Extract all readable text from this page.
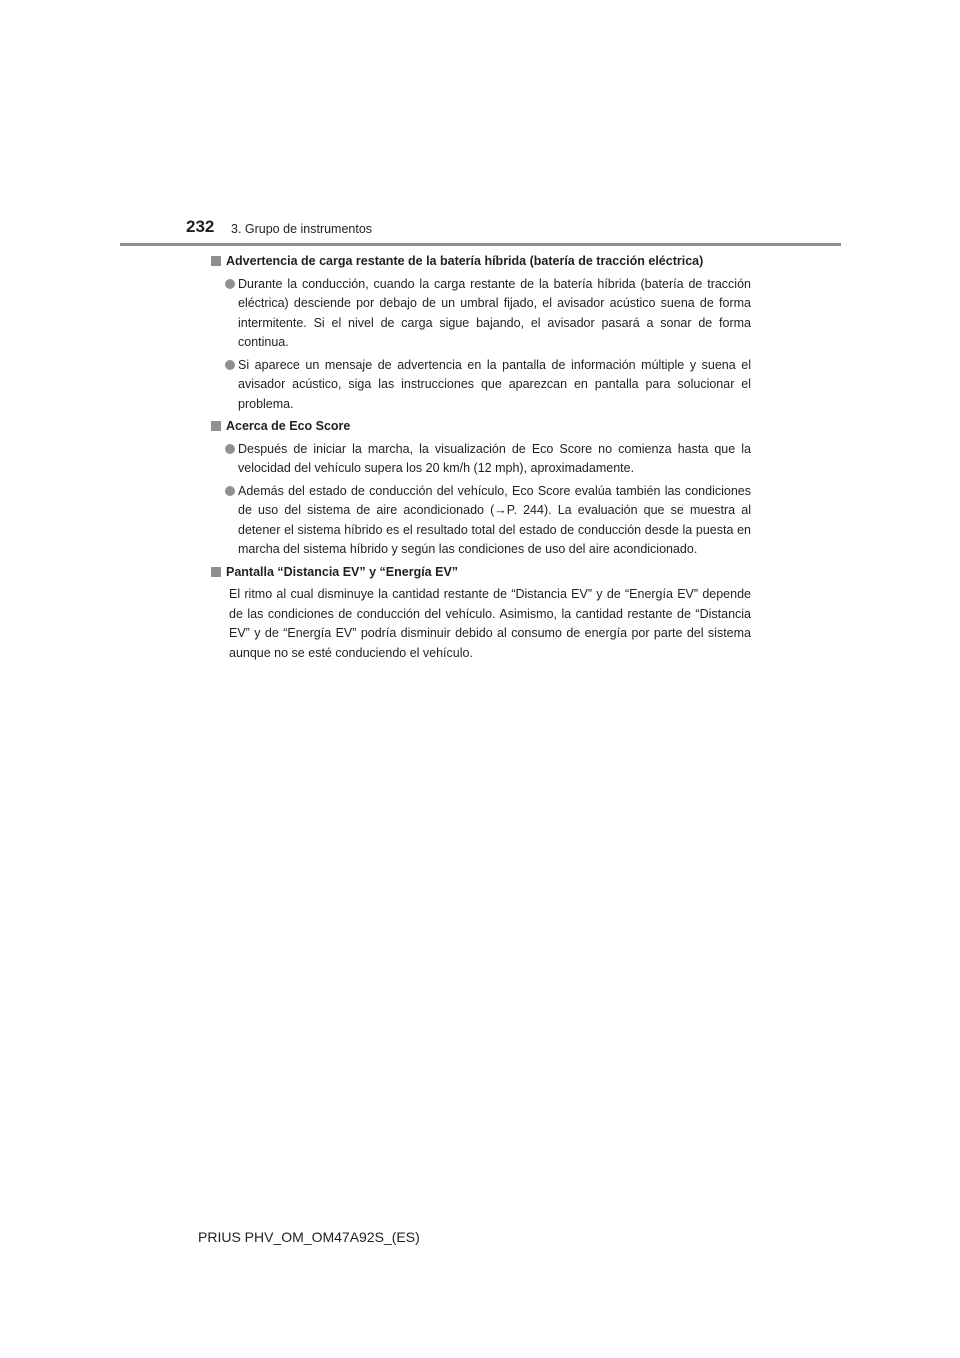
232 3. Grupo de instrumentos
Advertencia de carga restante de la batería híbrida (batería de tracción eléctrica)
Durante la conducción, cuando la carga restante de la batería híbrida (batería de tracción eléctrica) desciende por debajo de un umbral fijado, el avisador acústico suena de forma intermitente. Si el nivel de carga sigue bajando, el avisador pasará a sonar de forma continua.
Si aparece un mensaje de advertencia en la pantalla de información múltiple y suena el avisador acústico, siga las instrucciones que aparezcan en pantalla para solucionar el problema.
Acerca de Eco Score
Después de iniciar la marcha, la visualización de Eco Score no comienza hasta que la velocidad del vehículo supera los 20 km/h (12 mph), aproximadamente.
Además del estado de conducción del vehículo, Eco Score evalúa también las condiciones de uso del sistema de aire acondicionado (→P. 244). La evaluación que se muestra al detener el sistema híbrido es el resultado total del estado de conducción desde la puesta en marcha del sistema híbrido y según las condiciones de uso del aire acondicionado.
Pantalla “Distancia EV” y “Energía EV”
El ritmo al cual disminuye la cantidad restante de “Distancia EV” y de “Energía EV” depende de las condiciones de conducción del vehículo. Asimismo, la cantidad restante de “Distancia EV” y de “Energía EV” podría disminuir debido al consumo de energía por parte del sistema aunque no se esté conduciendo el vehículo.
PRIUS PHV_OM_OM47A92S_(ES)
